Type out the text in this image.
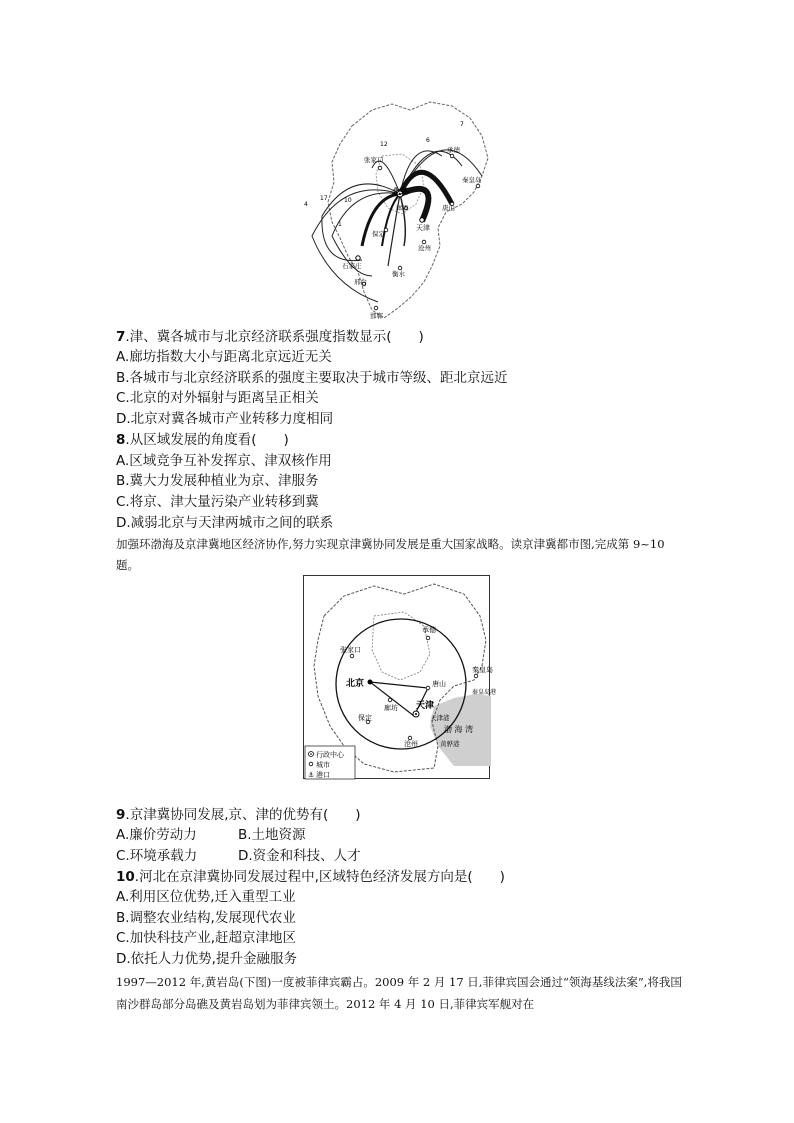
承德
张家口
秦皇岛
北京
唐山
廊坊
天津
保定
沧州
石家庄
衡水
邢台
邯郸
12
6
7
4
1
17	10
7.津、冀各城市与北京经济联系强度指数显示(　　)
A.廊坊指数大小与距离北京远近无关
B.各城市与北京经济联系的强度主要取决于城市等级、距北京远近
C.北京的对外辐射与距离呈正相关
D.北京对冀各城市产业转移力度相同
8.从区域发展的角度看(　　)
A.区域竞争互补发挥京、津双核作用
B.冀大力发展种植业为京、津服务
C.将京、津大量污染产业转移到冀
D.减弱北京与天津两城市之间的联系
加强环渤海及京津冀地区经济协作,努力实现京津冀协同发展是重大国家战略。读京津冀都市图,完成第 9~10 题。
承德
张家口
秦皇岛
北京	唐山
天津
廊坊
保定
沧州
天津港
秦皇岛港
黄骅港
渤 海 湾
行政中心
城市
⚓ 港口
9.京津冀协同发展,京、津的优势有(　　)
A.廉价劳动力	B.土地资源
C.环境承载力	D.资金和科技、人才
10.河北在京津冀协同发展过程中,区域特色经济发展方向是(　　)
A.利用区位优势,迁入重型工业
B.调整农业结构,发展现代农业
C.加快科技产业,赶超京津地区
D.依托人力优势,提升金融服务
1997—2012 年,黄岩岛(下图)一度被菲律宾霸占。2009 年 2 月 17 日,菲律宾国会通过“领海基线法案”,将我国南沙群岛部分岛礁及黄岩岛划为菲律宾领土。2012 年 4 月 10 日,菲律宾军舰对在
